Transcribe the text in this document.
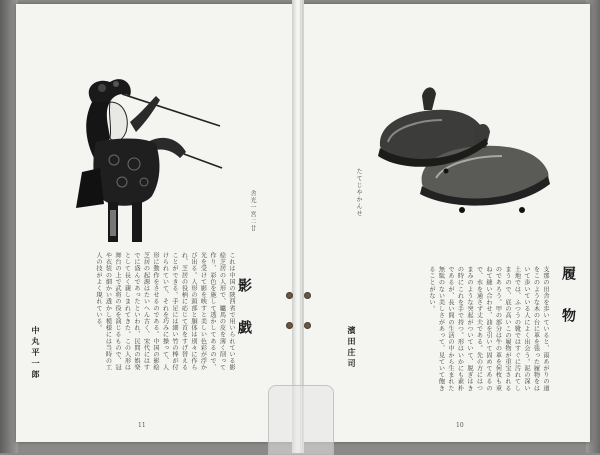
舎光一宮二廿
影 戯
これは中国の陝西省で用いられている影絵芝居の人形で、驢馬の皮を薄く削って作り、彩色を施して透かしてあるので、光を受けて影を映すと美しい色彩が浮かび出る。人形の頭部と胴体は別々に作られ、芝居の役柄に応じて首をすげ替えることができる。手足には細い竹の棒が付けられていて、それを巧みに操って、人形に動作をさせるのである。中国の影絵芝居の起源はたいへん古く、宋代にはすでに盛んであったといわれ、民間の娯楽として長く親しまれてきた。この人形は舞台の上で武将の役を演じるもので、冠や衣装の細かい透かし模様には当時の工人の技がよく現れている。
中丸平一郎
11
たてじやかんせ
履 物
支那の田舎を歩いていると、雨あがりの道をこのような木の台に革を張った履物をはいて歩いている人によく出会う。泥の深い土地では、ふつうの靴ではすぐに汚れてしまうので、底の高いこの履物が重宝されるのであろう。甲の部分は牛の革を何枚も重ねて縫い合わせ、油を引いて固めてあるので、水を通さず丈夫である。先の方にはつまみのような突起がついていて、脱ぎはきの時にこれを手で持つ。形はいかにも素朴であるが、長い間の生活の中から生まれた無駄のない美しさがあって、見ていて飽きることがない。
濱田庄司
10
